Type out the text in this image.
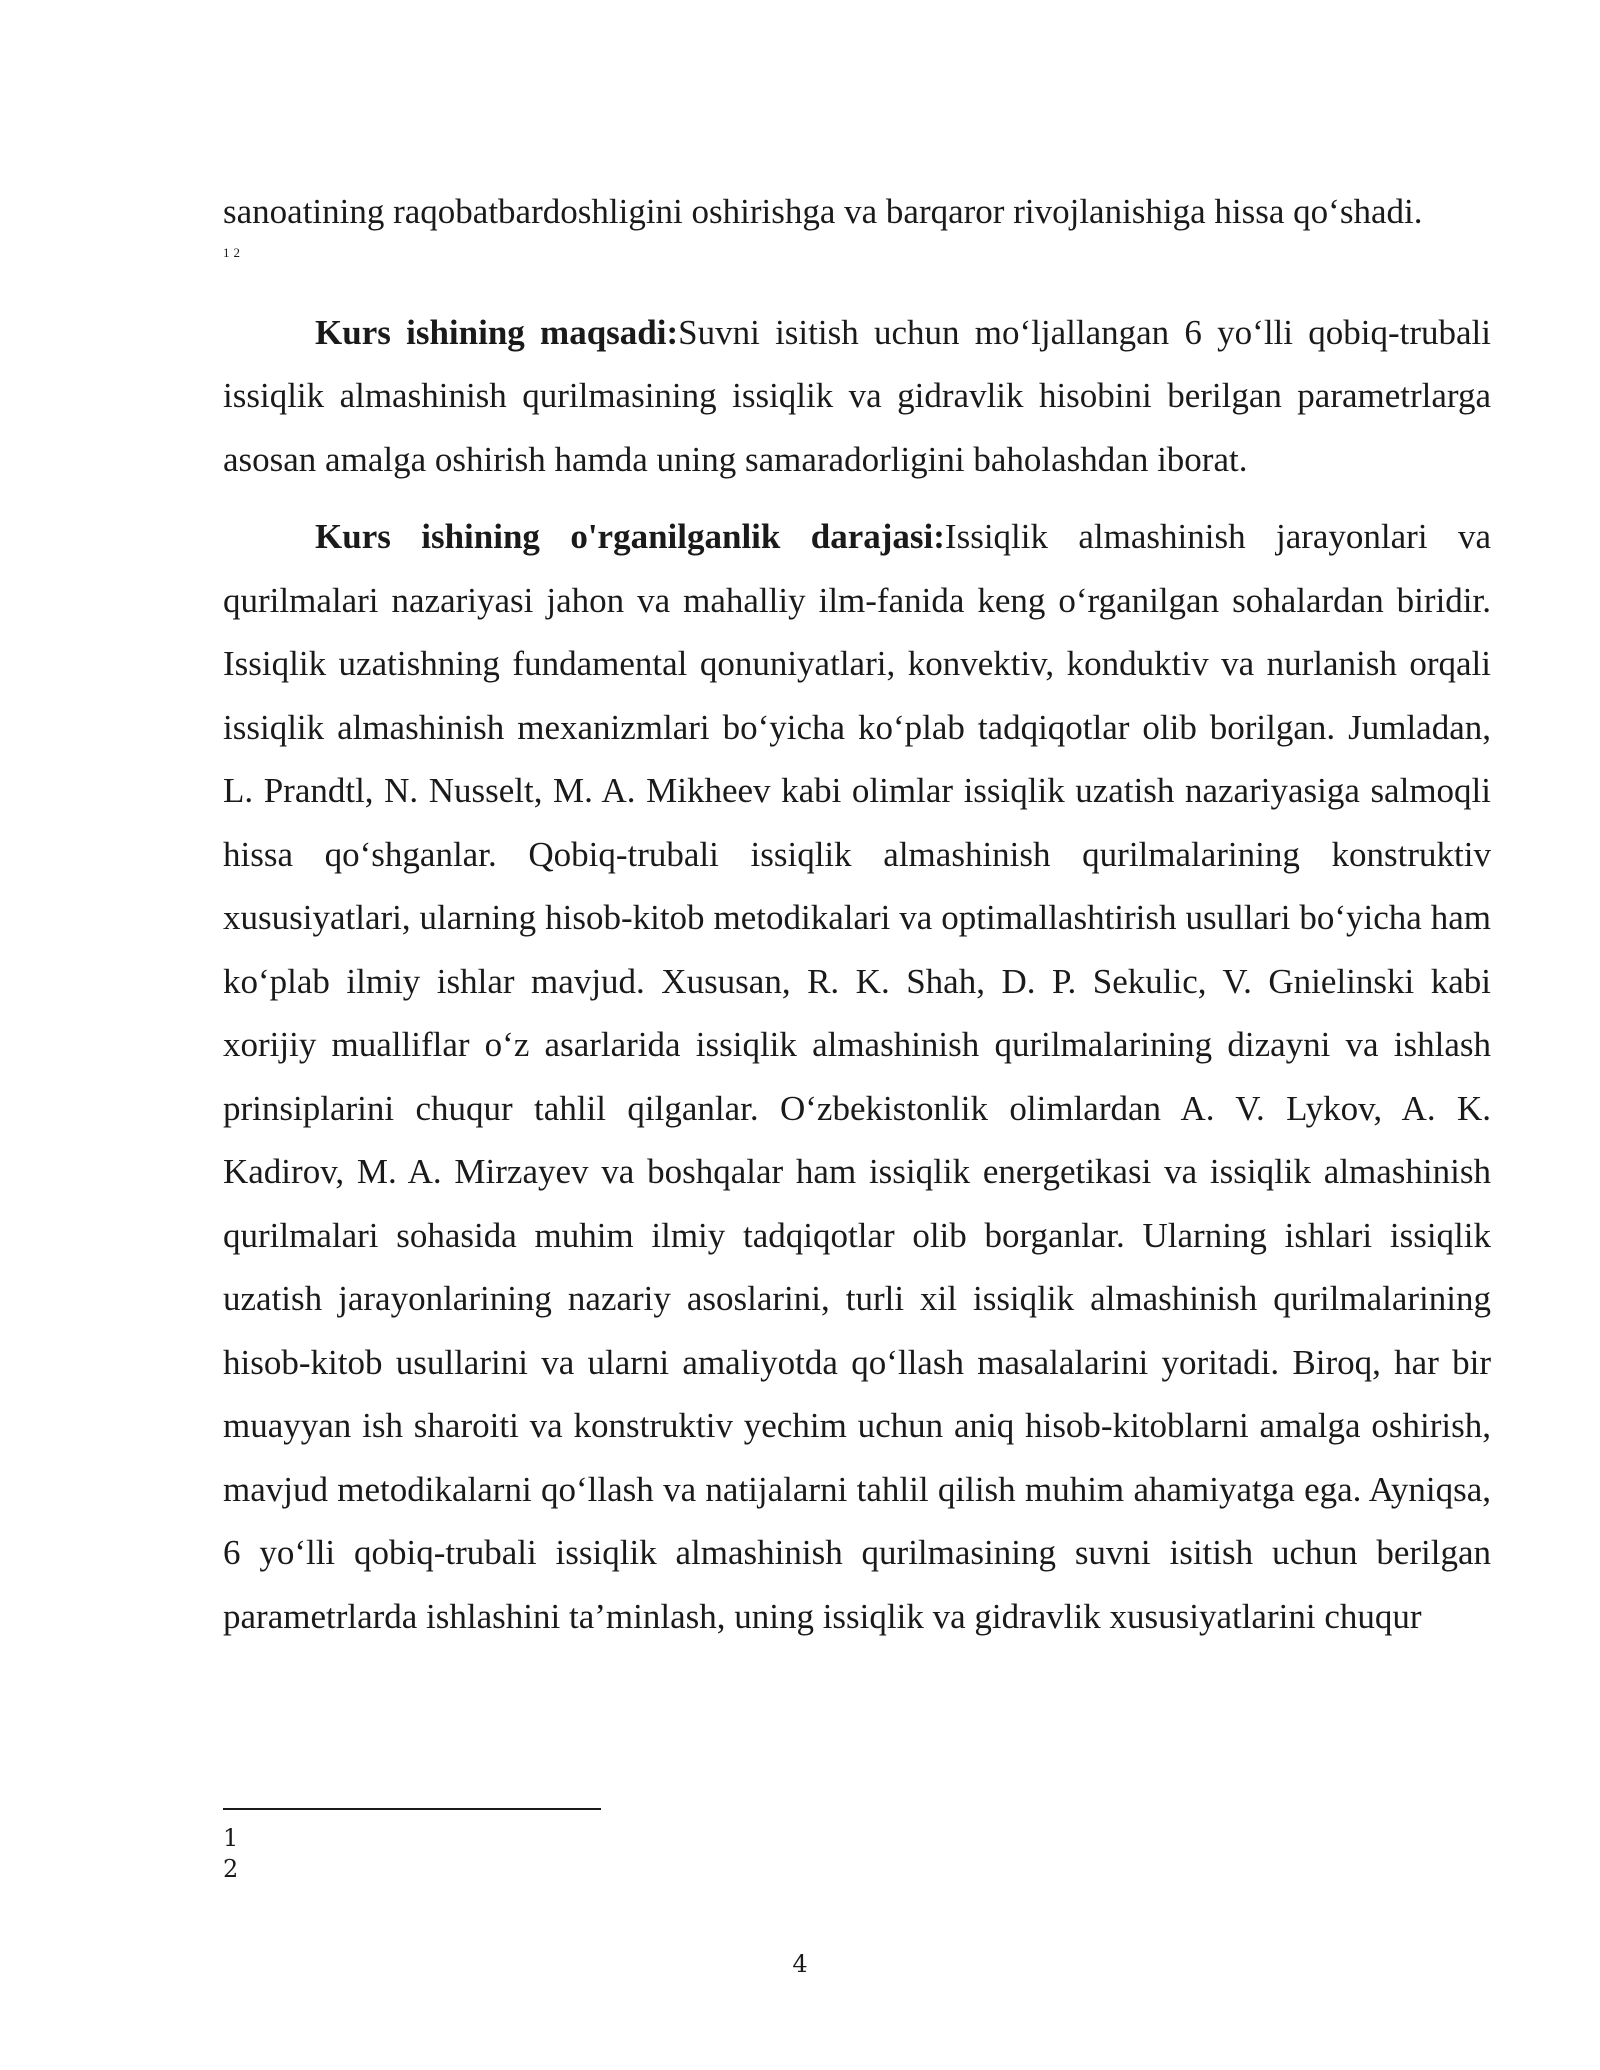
sanoatining raqobatbardoshligini oshirishga va barqaror rivojlanishiga hissa qo‘shadi.

1 2

Kurs ishining maqsadi:Suvni isitish uchun mo‘ljallangan 6 yo‘lli qobiq-trubali issiqlik almashinish qurilmasining issiqlik va gidravlik hisobini berilgan parametrlarga asosan amalga oshirish hamda uning samaradorligini baholashdan iborat.

Kurs ishining o'rganilganlik darajasi:Issiqlik almashinish jarayonlari va qurilmalari nazariyasi jahon va mahalliy ilm-fanida keng o‘rganilgan sohalardan biridir. Issiqlik uzatishning fundamental qonuniyatlari, konvektiv, konduktiv va nurlanish orqali issiqlik almashinish mexanizmlari bo‘yicha ko‘plab tadqiqotlar olib borilgan. Jumladan, L. Prandtl, N. Nusselt, M. A. Mikheev kabi olimlar issiqlik uzatish nazariyasiga salmoqli hissa qo‘shganlar. Qobiq-trubali issiqlik almashinish qurilmalarining konstruktiv xususiyatlari, ularning hisob-kitob metodikalari va optimallashtirish usullari bo‘yicha ham ko‘plab ilmiy ishlar mavjud. Xususan, R. K. Shah, D. P. Sekulic, V. Gnielinski kabi xorijiy mualliflar o‘z asarlarida issiqlik almashinish qurilmalarining dizayni va ishlash prinsiplarini chuqur tahlil qilganlar. O‘zbekistonlik olimlardan A. V. Lykov, A. K. Kadirov, M. A. Mirzayev va boshqalar ham issiqlik energetikasi va issiqlik almashinish qurilmalari sohasida muhim ilmiy tadqiqotlar olib borganlar. Ularning ishlari issiqlik uzatish jarayonlarining nazariy asoslarini, turli xil issiqlik almashinish qurilmalarining hisob-kitob usullarini va ularni amaliyotda qo‘llash masalalarini yoritadi. Biroq, har bir muayyan ish sharoiti va konstruktiv yechim uchun aniq hisob-kitoblarni amalga oshirish, mavjud metodikalarni qo‘llash va natijalarni tahlil qilish muhim ahamiyatga ega. Ayniqsa, 6 yo‘lli qobiq-trubali issiqlik almashinish qurilmasining suvni isitish uchun berilgan parametrlarda ishlashini ta’minlash, uning issiqlik va gidravlik xususiyatlarini chuqur

1
2
4
